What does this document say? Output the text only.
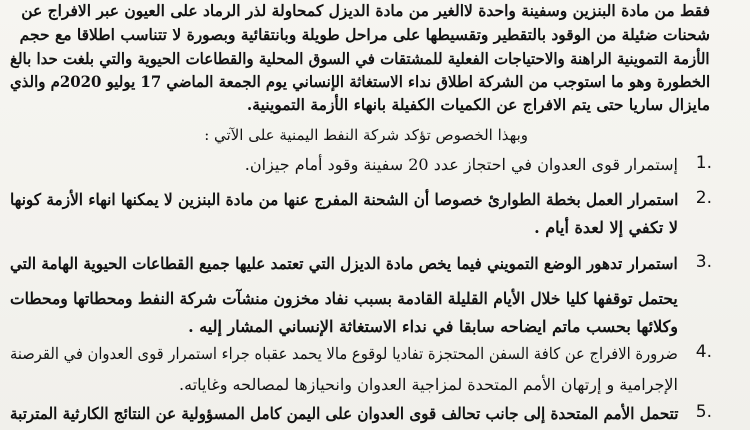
فقط من مادة البنزين وسفينة واحدة لاالغير من مادة الديزل كمحاولة لذر الرماد على العيون عبر الافراج عن
شحنات ضئيلة من الوقود بالتقطير وتقسيطها على مراحل طويلة وبانتقائية وبصورة لا تتناسب اطلاقا مع حجم
الأزمة التموينية الراهنة والاحتياجات الفعلية للمشتقات في السوق المحلية والقطاعات الحيوية والتي بلغت حدا بالغ
الخطورة وهو ما استوجب من الشركة اطلاق نداء الاستغاثة الإنساني يوم الجمعة الماضي 17 يوليو 2020م والذي
مايزال ساريا حتى يتم الافراج عن الكميات الكفيلة بانهاء الأزمة التموينية.
وبهذا الخصوص تؤكد شركة النفط اليمنية على الآتي :
1.
إستمرار قوى العدوان في احتجاز عدد 20 سفينة وقود أمام جيزان.
2.
استمرار العمل بخطة الطوارئ خصوصا أن الشحنة المفرج عنها من مادة البنزين لا يمكنها انهاء الأزمة كونها
لا تكفي إلا لعدة أيام .
3.
استمرار تدهور الوضع التمويني فيما يخص مادة الديزل التي تعتمد عليها جميع القطاعات الحيوية الهامة التي
يحتمل توقفها كليا خلال الأيام القليلة القادمة بسبب نفاد مخزون منشآت شركة النفط ومحطاتها ومحطات
وكلائها بحسب ماتم ايضاحه سابقا في نداء الاستغاثة الإنساني المشار إليه .
4.
ضرورة الافراج عن كافة السفن المحتجزة تفاديا لوقوع مالا يحمد عقباه جراء استمرار قوى العدوان في القرصنة
الإجرامية و إرتهان الأمم المتحدة لمزاجية العدوان وانحيازها لمصالحه وغاياته.
5.
تتحمل الأمم المتحدة إلى جانب تحالف قوى العدوان على اليمن كامل المسؤولية عن النتائج الكارثية المترتبة
